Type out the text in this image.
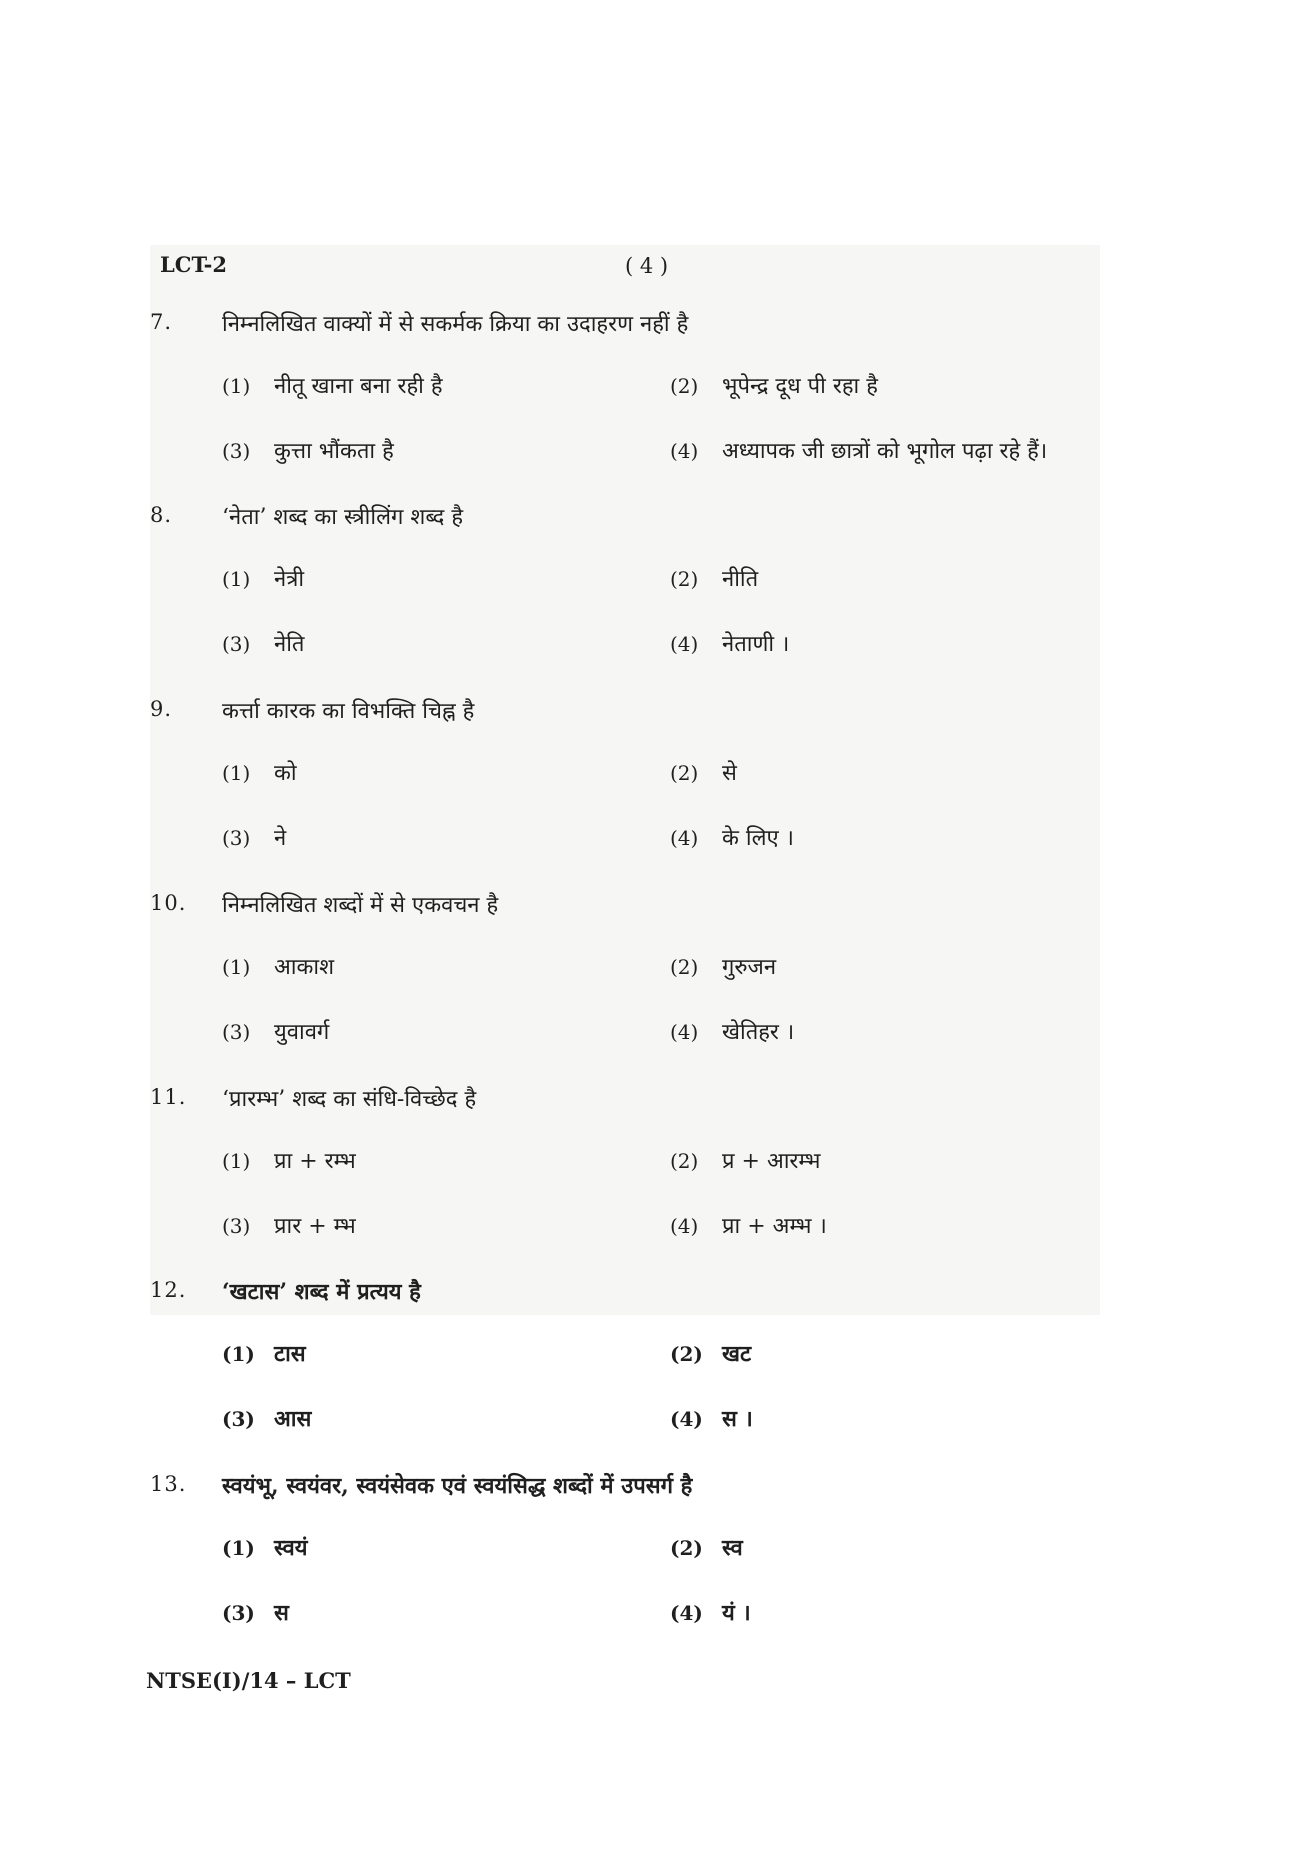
LCT-2	( 4 )
7.	निम्नलिखित वाक्यों में से सकर्मक क्रिया का उदाहरण नहीं है
(1) नीतू खाना बना रही है	(2) भूपेन्द्र दूध पी रहा है
(3) कुत्ता भौंकता है	(4) अध्यापक जी छात्रों को भूगोल पढ़ा रहे हैं।
8.	‘नेता’ शब्द का स्त्रीलिंग शब्द है
(1) नेत्री	(2) नीति
(3) नेति	(4) नेताणी ।
9.	कर्त्ता कारक का विभक्ति चिह्न है
(1) को	(2) से
(3) ने	(4) के लिए ।
10.	निम्नलिखित शब्दों में से एकवचन है
(1) आकाश	(2) गुरुजन
(3) युवावर्ग	(4) खेतिहर ।
11.	‘प्रारम्भ’ शब्द का संधि-विच्छेद है
(1) प्रा + रम्भ	(2) प्र + आरम्भ
(3) प्रार + म्भ	(4) प्रा + अम्भ ।
12.	‘खटास’ शब्द में प्रत्यय है
(1) टास	(2) खट
(3) आस	(4) स ।
13.	स्वयंभू, स्वयंवर, स्वयंसेवक एवं स्वयंसिद्ध शब्दों में उपसर्ग है
(1) स्वयं	(2) स्व
(3) स	(4) यं ।
NTSE(I)/14 – LCT
